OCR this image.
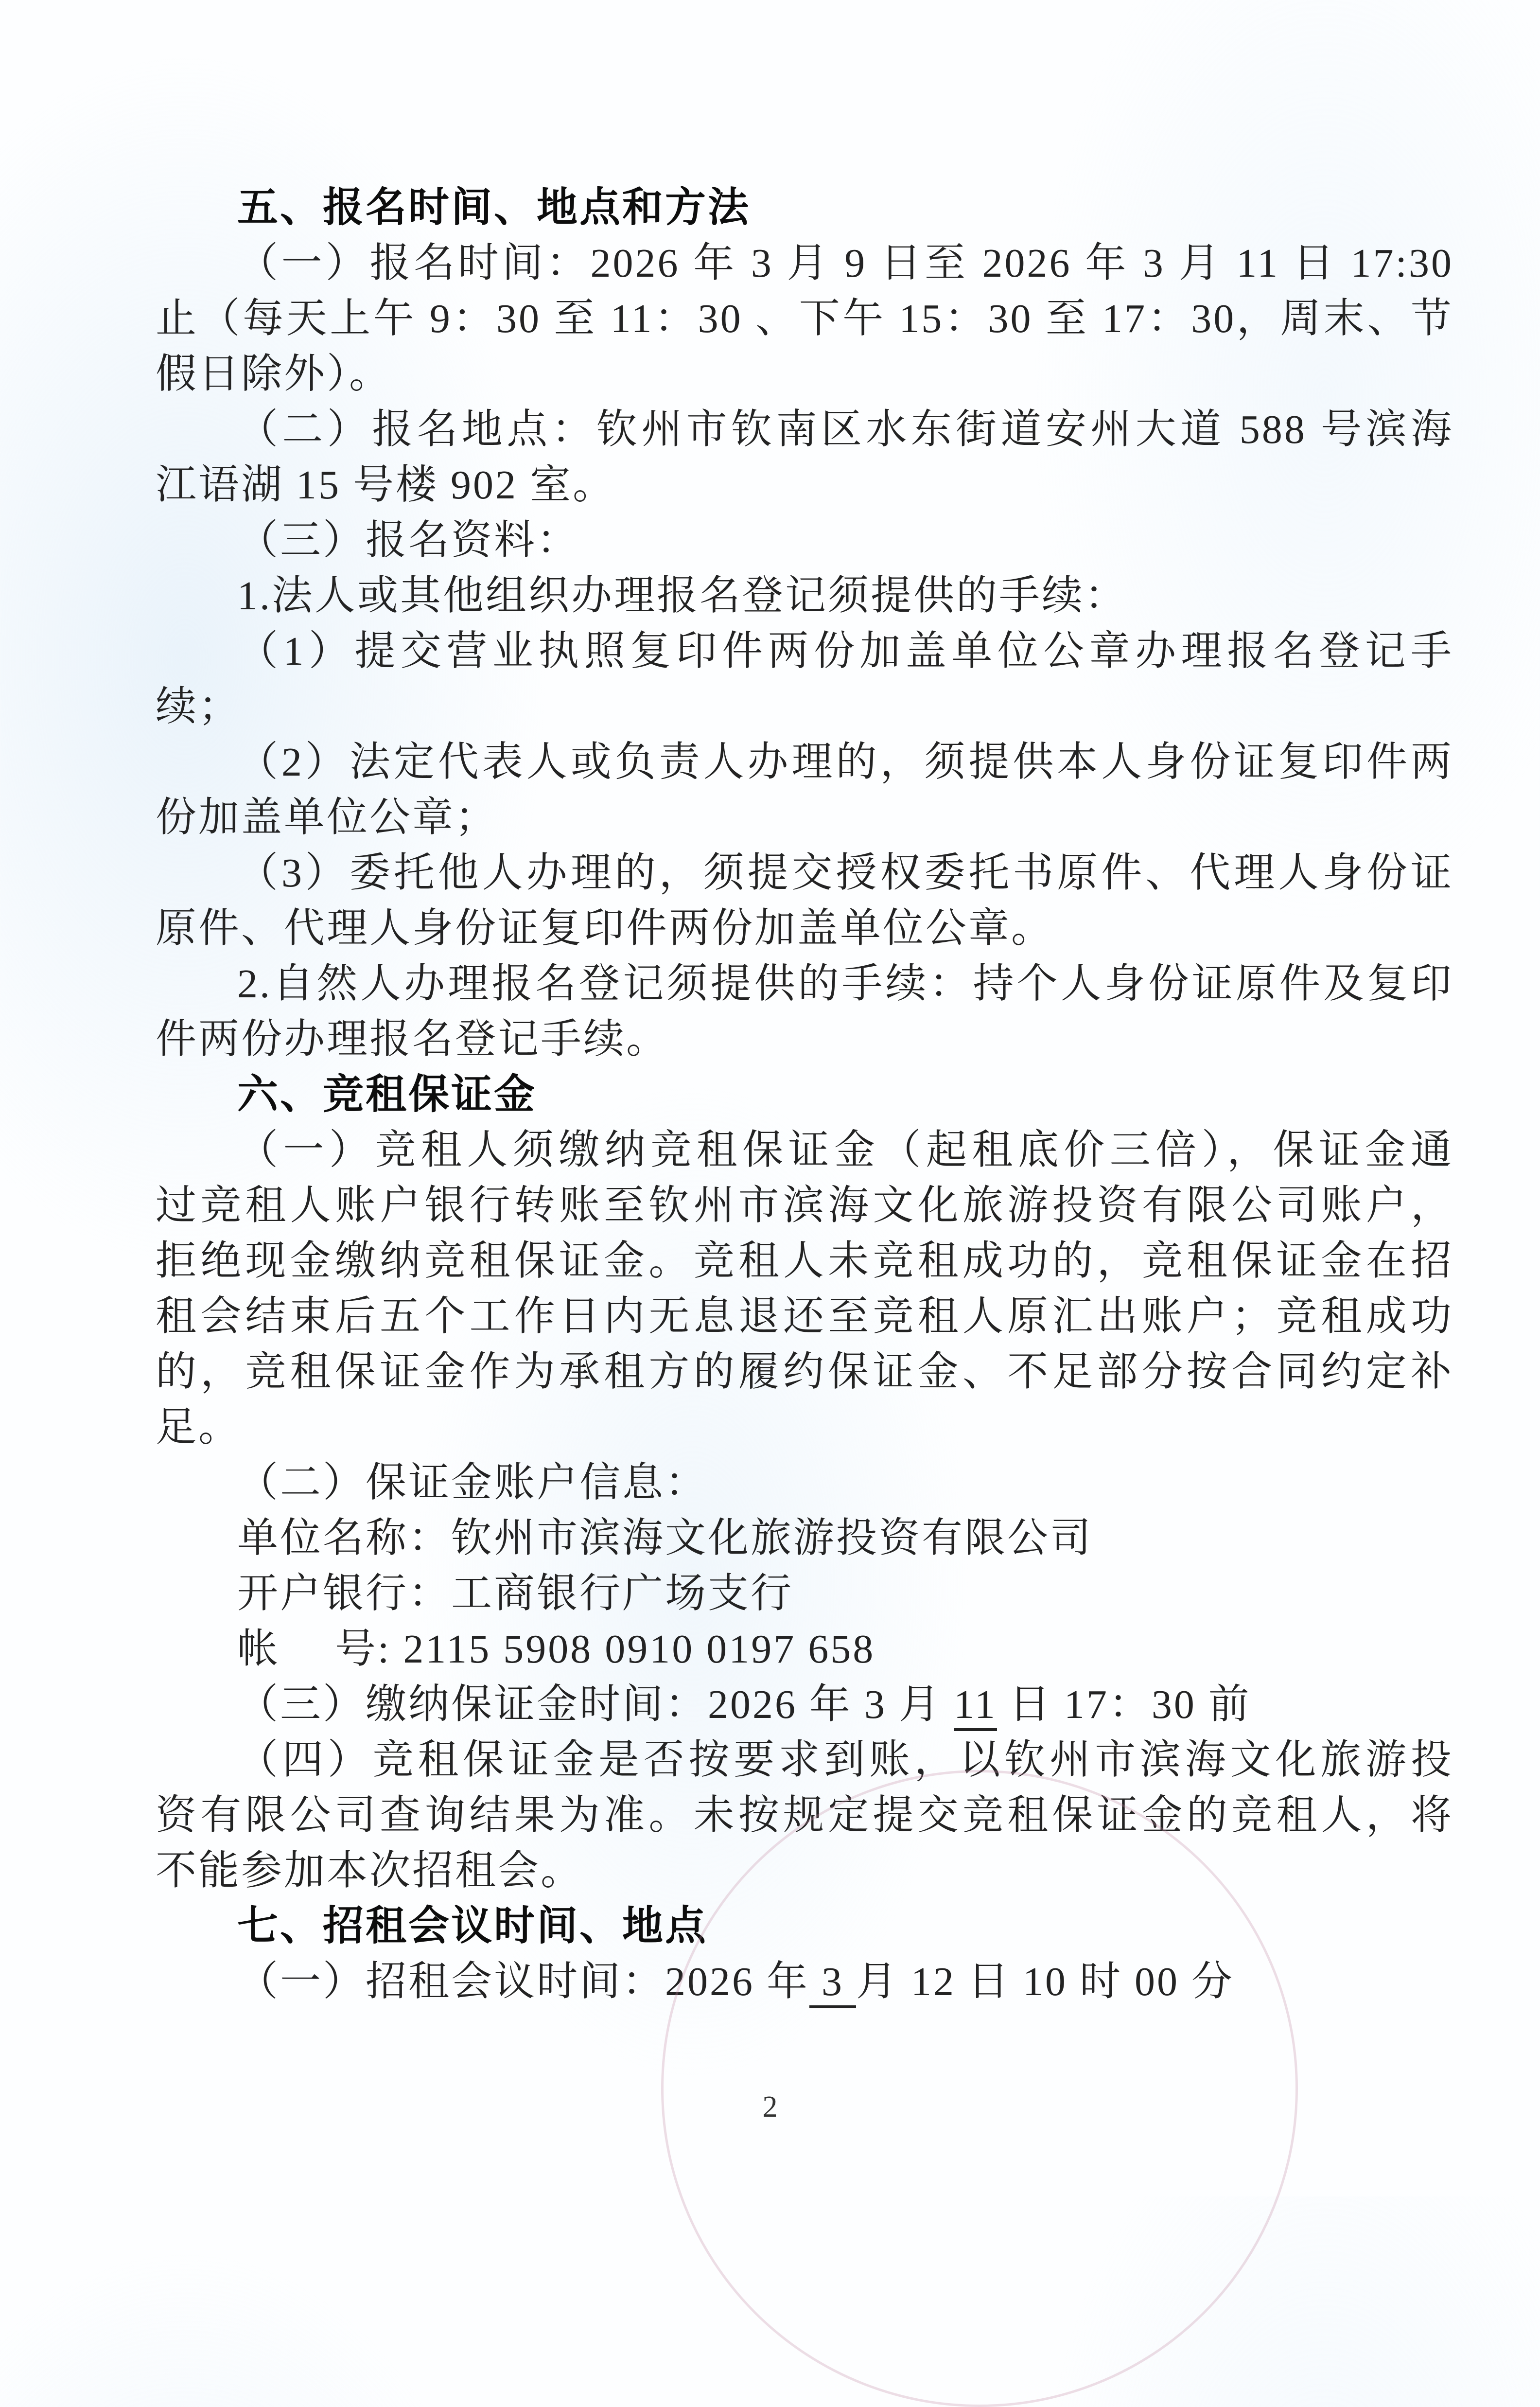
五、报名时间、地点和方法
（一）报名时间：2026 年 3 月 9 日至 2026 年 3 月 11 日 17:30
止（每天上午 9：30 至 11：30 、下午 15：30 至 17：30，周末、节
假日除外）。
（二）报名地点：钦州市钦南区水东街道安州大道 588 号滨海
江语湖 15 号楼 902 室。
（三）报名资料：
1.法人或其他组织办理报名登记须提供的手续：
（1）提交营业执照复印件两份加盖单位公章办理报名登记手
续；
（2）法定代表人或负责人办理的，须提供本人身份证复印件两
份加盖单位公章；
（3）委托他人办理的，须提交授权委托书原件、代理人身份证
原件、代理人身份证复印件两份加盖单位公章。
2.自然人办理报名登记须提供的手续：持个人身份证原件及复印
件两份办理报名登记手续。
六、竞租保证金
（一）竞租人须缴纳竞租保证金（起租底价三倍），保证金通
过竞租人账户银行转账至钦州市滨海文化旅游投资有限公司账户，
拒绝现金缴纳竞租保证金。竞租人未竞租成功的，竞租保证金在招
租会结束后五个工作日内无息退还至竞租人原汇出账户；竞租成功
的，竞租保证金作为承租方的履约保证金、不足部分按合同约定补
足。
（二）保证金账户信息：
单位名称：钦州市滨海文化旅游投资有限公司
开户银行：工商银行广场支行
帐　 号: 2115 5908 0910 0197 658
（三）缴纳保证金时间：2026 年 3 月 11 日 17：30 前
（四）竞租保证金是否按要求到账，以钦州市滨海文化旅游投
资有限公司查询结果为准。未按规定提交竞租保证金的竞租人，将
不能参加本次招租会。
七、招租会议时间、地点
（一）招租会议时间：2026 年 3 月 12 日 10 时 00 分
2
